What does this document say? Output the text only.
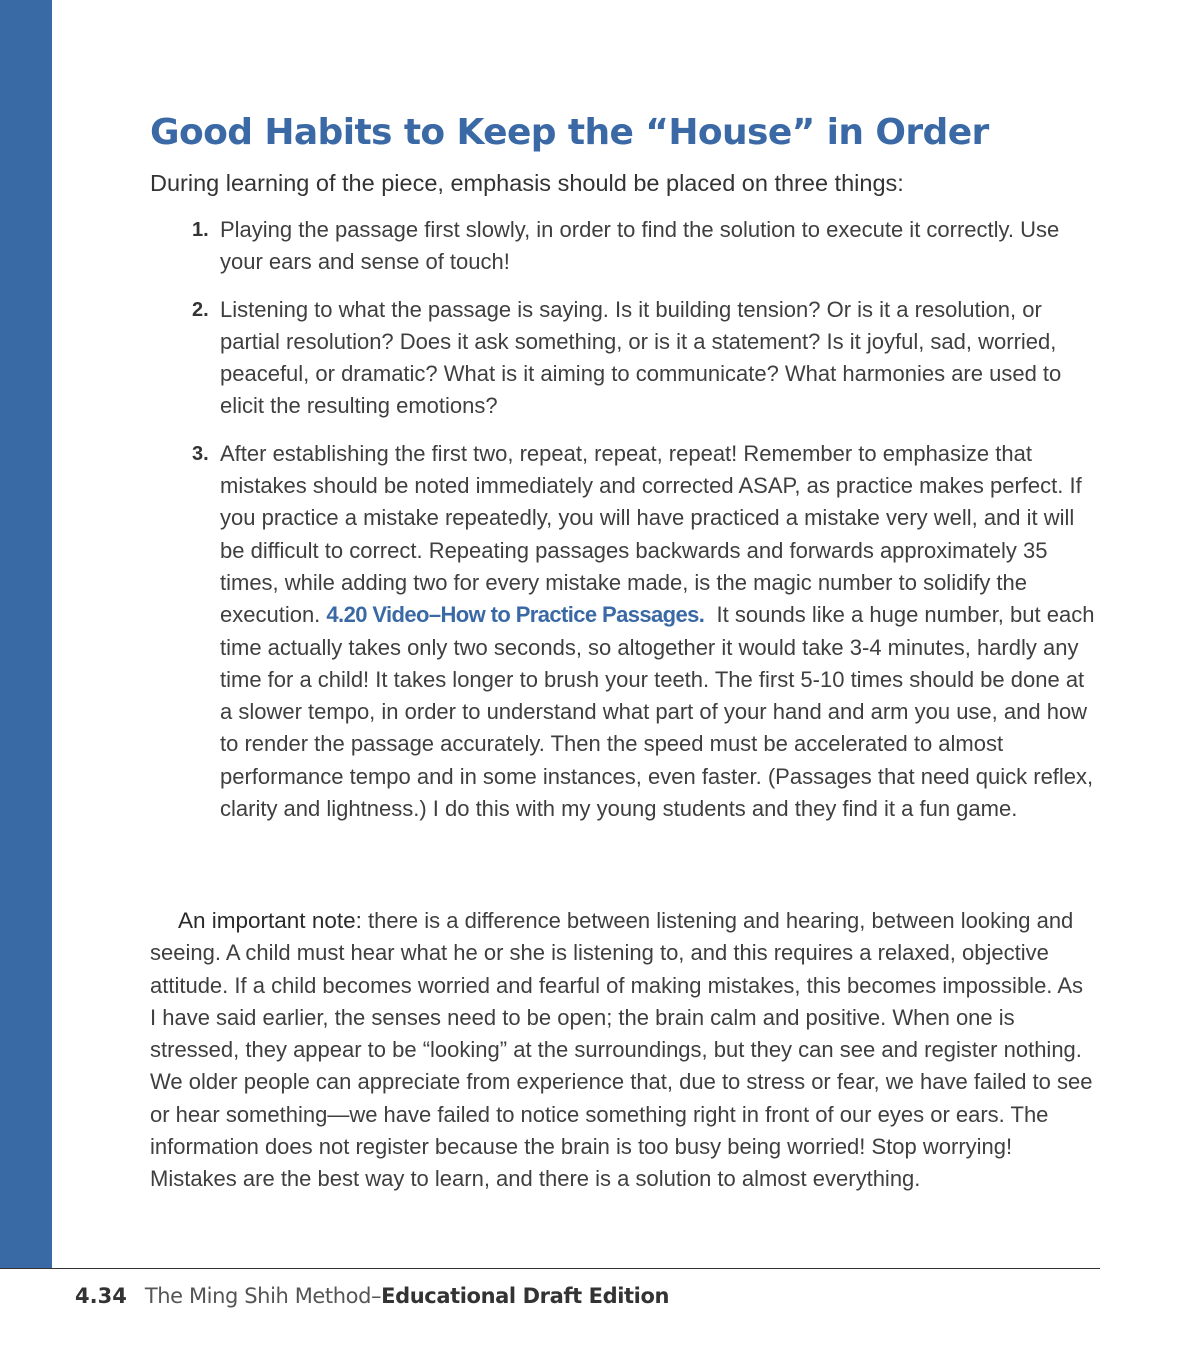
Good Habits to Keep the “House” in Order

During learning of the piece, emphasis should be placed on three things:

1. Playing the passage first slowly, in order to find the solution to execute it correctly. Use your ears and sense of touch!
2. Listening to what the passage is saying. Is it building tension? Or is it a resolution, or partial resolution? Does it ask something, or is it a statement? Is it joyful, sad, worried, peaceful, or dramatic? What is it aiming to communicate? What harmonies are used to elicit the resulting emotions?
3. After establishing the first two, repeat, repeat, repeat! Remember to emphasize that mistakes should be noted immediately and corrected ASAP, as practice makes perfect. If you practice a mistake repeatedly, you will have practiced a mistake very well, and it will be difficult to correct. Repeating passages backwards and forwards approximately 35 times, while adding two for every mistake made, is the magic number to solidify the execution. 4.20 Video–How to Practice Passages. It sounds like a huge number, but each time actually takes only two seconds, so altogether it would take 3-4 minutes, hardly any time for a child! It takes longer to brush your teeth. The first 5-10 times should be done at a slower tempo, in order to understand what part of your hand and arm you use, and how to render the passage accurately. Then the speed must be accelerated to almost performance tempo and in some instances, even faster. (Passages that need quick reflex, clarity and lightness.) I do this with my young students and they find it a fun game.

An important note: there is a difference between listening and hearing, between looking and seeing. A child must hear what he or she is listening to, and this requires a relaxed, objective attitude. If a child becomes worried and fearful of making mistakes, this becomes impossible. As I have said earlier, the senses need to be open; the brain calm and positive. When one is stressed, they appear to be “looking” at the surroundings, but they can see and register nothing. We older people can appreciate from experience that, due to stress or fear, we have failed to see or hear something—we have failed to notice something right in front of our eyes or ears. The information does not register because the brain is too busy being worried! Stop worrying! Mistakes are the best way to learn, and there is a solution to almost everything.

4.34 The Ming Shih Method–Educational Draft Edition
